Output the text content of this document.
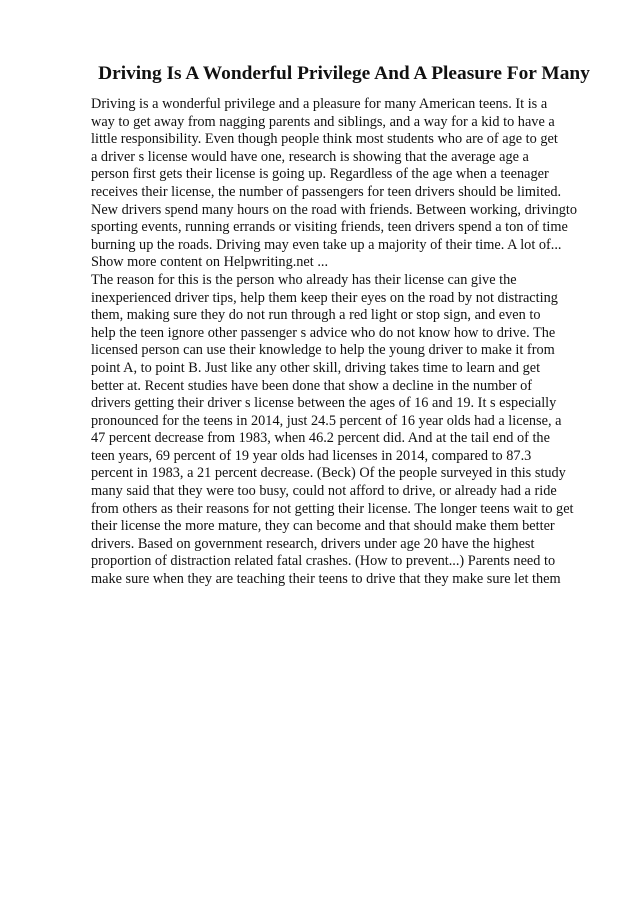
Driving Is A Wonderful Privilege And A Pleasure For Many
Driving is a wonderful privilege and a pleasure for many American teens. It is a
way to get away from nagging parents and siblings, and a way for a kid to have a
little responsibility. Even though people think most students who are of age to get
a driver s license would have one, research is showing that the average age a
person first gets their license is going up. Regardless of the age when a teenager
receives their license, the number of passengers for teen drivers should be limited.
New drivers spend many hours on the road with friends. Between working, drivingto
sporting events, running errands or visiting friends, teen drivers spend a ton of time
burning up the roads. Driving may even take up a majority of their time. A lot of...
Show more content on Helpwriting.net ...
The reason for this is the person who already has their license can give the
inexperienced driver tips, help them keep their eyes on the road by not distracting
them, making sure they do not run through a red light or stop sign, and even to
help the teen ignore other passenger s advice who do not know how to drive. The
licensed person can use their knowledge to help the young driver to make it from
point A, to point B. Just like any other skill, driving takes time to learn and get
better at. Recent studies have been done that show a decline in the number of
drivers getting their driver s license between the ages of 16 and 19. It s especially
pronounced for the teens in 2014, just 24.5 percent of 16 year olds had a license, a
47 percent decrease from 1983, when 46.2 percent did. And at the tail end of the
teen years, 69 percent of 19 year olds had licenses in 2014, compared to 87.3
percent in 1983, a 21 percent decrease. (Beck) Of the people surveyed in this study
many said that they were too busy, could not afford to drive, or already had a ride
from others as their reasons for not getting their license. The longer teens wait to get
their license the more mature, they can become and that should make them better
drivers. Based on government research, drivers under age 20 have the highest
proportion of distraction related fatal crashes. (How to prevent...) Parents need to
make sure when they are teaching their teens to drive that they make sure let them
